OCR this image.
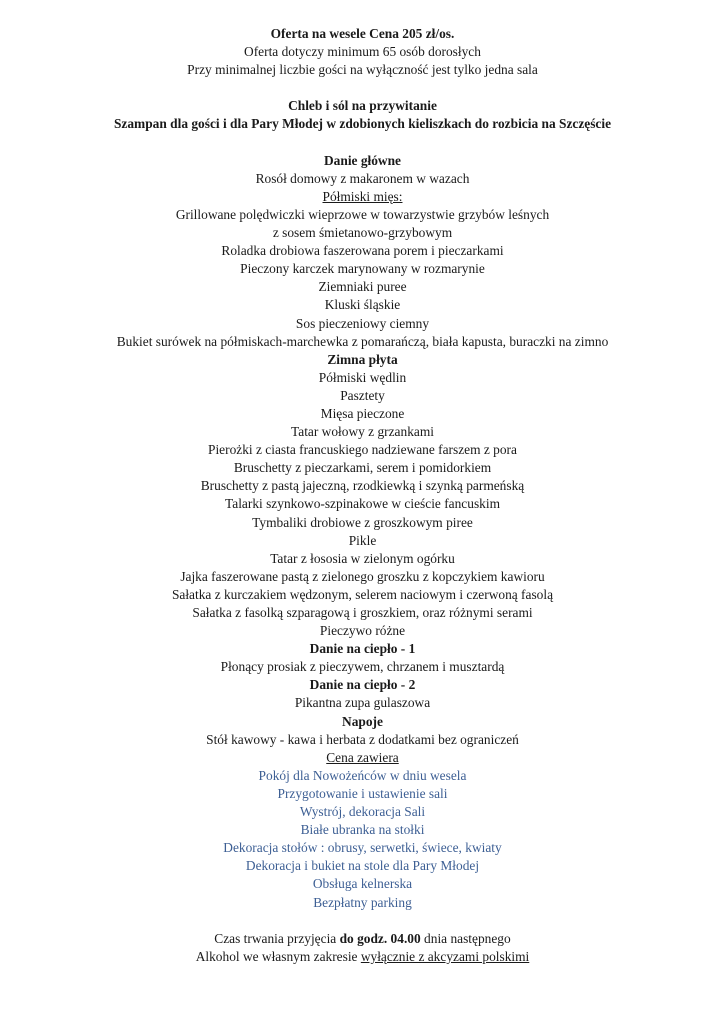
Oferta na wesele Cena 205 zł/os.
Oferta dotyczy minimum 65 osób dorosłych
Przy minimalnej liczbie gości na wyłączność jest tylko jedna sala
Chleb i sól na przywitanie
Szampan dla gości i dla Pary Młodej w zdobionych kieliszkach do rozbicia na Szczęście
Danie główne
Rosół domowy z makaronem w wazach
Półmiski mięs:
Grillowane polędwiczki wieprzowe w towarzystwie grzybów leśnych
z sosem śmietanowo-grzybowym
Roladka drobiowa faszerowana porem i pieczarkami
Pieczony karczek marynowany w rozmarynie
Ziemniaki puree
Kluski śląskie
Sos pieczeniowy ciemny
Bukiet surówek na półmiskach-marchewka z pomarańczą, biała kapusta, buraczki na zimno
Zimna płyta
Półmiski wędlin
Pasztety
Mięsa pieczone
Tatar wołowy z grzankami
Pierożki z ciasta francuskiego nadziewane farszem z pora
Bruschetty z pieczarkami, serem i pomidorkiem
Bruschetty z pastą jajeczną, rzodkiewką i szynką parmeńską
Talarki szynkowo-szpinakowe w cieście fancuskim
Tymbaliki drobiowe z groszkowym piree
Pikle
Tatar z łososia w zielonym ogórku
Jajka faszerowane pastą z zielonego groszku z kopczykiem kawioru
Sałatka z kurczakiem wędzonym, selerem naciowym i czerwoną fasolą
Sałatka z fasolką szparagową i groszkiem, oraz różnymi serami
Pieczywo różne
Danie na ciepło - 1
Płonący prosiak z pieczywem, chrzanem i musztardą
Danie na ciepło - 2
Pikantna zupa gulaszowa
Napoje
Stół kawowy - kawa i herbata z dodatkami bez ograniczeń
Cena zawiera
Pokój dla Nowożeńców w dniu wesela
Przygotowanie i ustawienie sali
Wystrój, dekoracja Sali
Białe ubranka na stołki
Dekoracja stołów : obrusy, serwetki, świece, kwiaty
Dekoracja i bukiet na stole dla Pary Młodej
Obsługa kelnerska
Bezpłatny parking
Czas trwania przyjęcia do godz. 04.00 dnia następnego
Alkohol we własnym zakresie wyłącznie z akcyzami polskimi
